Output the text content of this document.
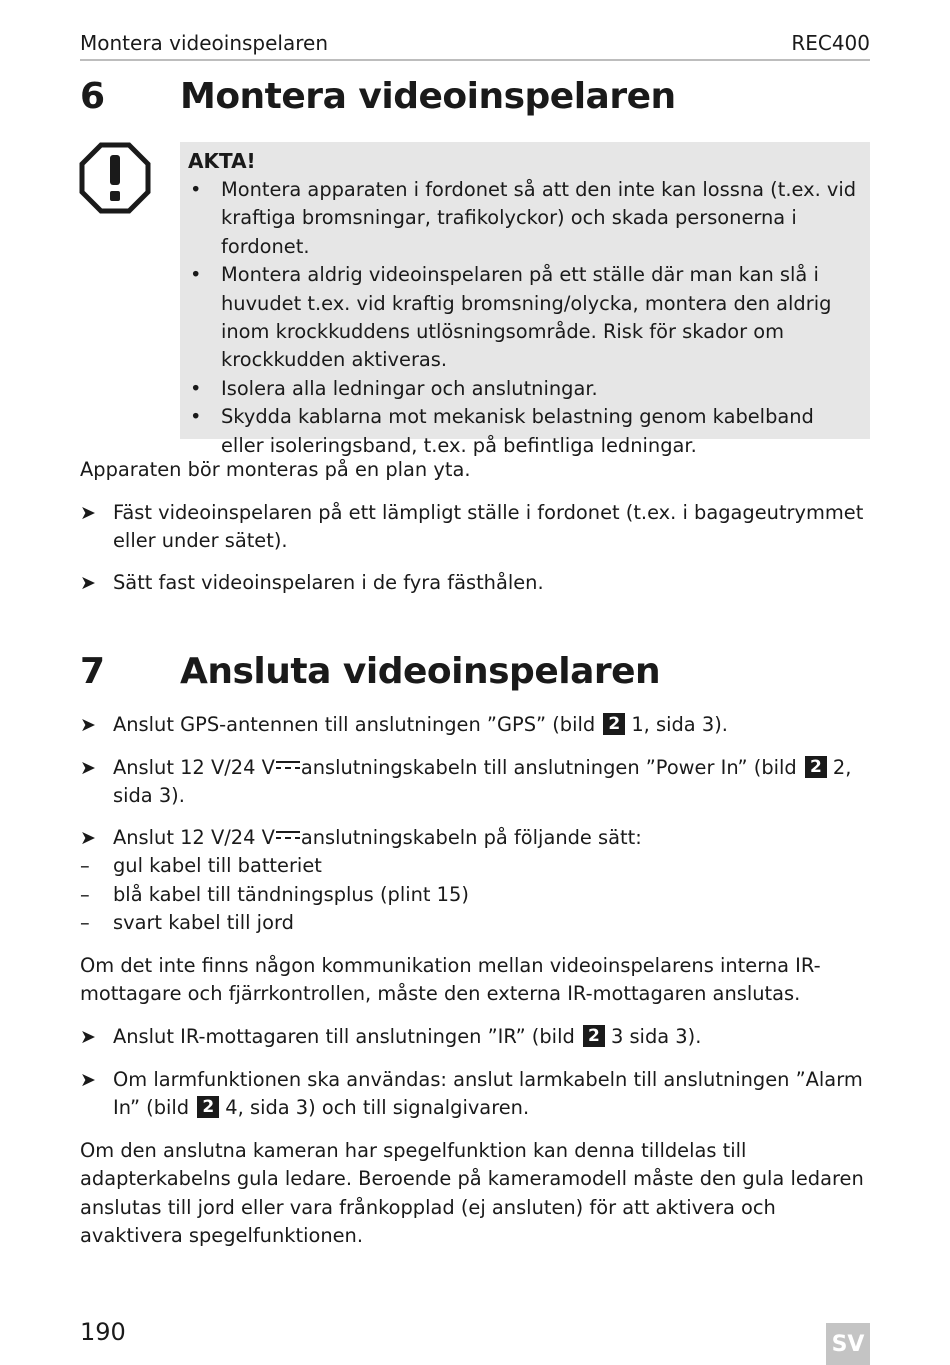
Montera videoinspelaren	REC400
6 Montera videoinspelaren
AKTA!
• Montera apparaten i fordonet så att den inte kan lossna (t.ex. vid kraftiga bromsningar, trafikolyckor) och skada personerna i fordonet.
• Montera aldrig videoinspelaren på ett ställe där man kan slå i huvudet t.ex. vid kraftig bromsning/olycka, montera den aldrig inom krockkuddens utlösningsområde. Risk för skador om krockkudden aktiveras.
• Isolera alla ledningar och anslutningar.
• Skydda kablarna mot mekanisk belastning genom kabelband eller isoleringsband, t.ex. på befintliga ledningar.

Apparaten bör monteras på en plan yta.

➤ Fäst videoinspelaren på ett lämpligt ställe i fordonet (t.ex. i bagageutrymmet eller under sätet).
➤ Sätt fast videoinspelaren i de fyra fästhålen.
7 Ansluta videoinspelaren
➤ Anslut GPS-antennen till anslutningen ”GPS” (bild 2 1, sida 3).
➤ Anslut 12 V/24 V anslutningskabeln till anslutningen ”Power In” (bild 2 2, sida 3).
➤ Anslut 12 V/24 V anslutningskabeln på följande sätt:
– gul kabel till batteriet
– blå kabel till tändningsplus (plint 15)
– svart kabel till jord

Om det inte finns någon kommunikation mellan videoinspelarens interna IR-mottagare och fjärrkontrollen, måste den externa IR-mottagaren anslutas.

➤ Anslut IR-mottagaren till anslutningen ”IR” (bild 2 3 sida 3).
➤ Om larmfunktionen ska användas: anslut larmkabeln till anslutningen ”Alarm In” (bild 2 4, sida 3) och till signalgivaren.

Om den anslutna kameran har spegelfunktion kan denna tilldelas till adapterkabelns gula ledare. Beroende på kameramodell måste den gula ledaren anslutas till jord eller vara frånkopplad (ej ansluten) för att aktivera och avaktivera spegelfunktionen.

190	SV
